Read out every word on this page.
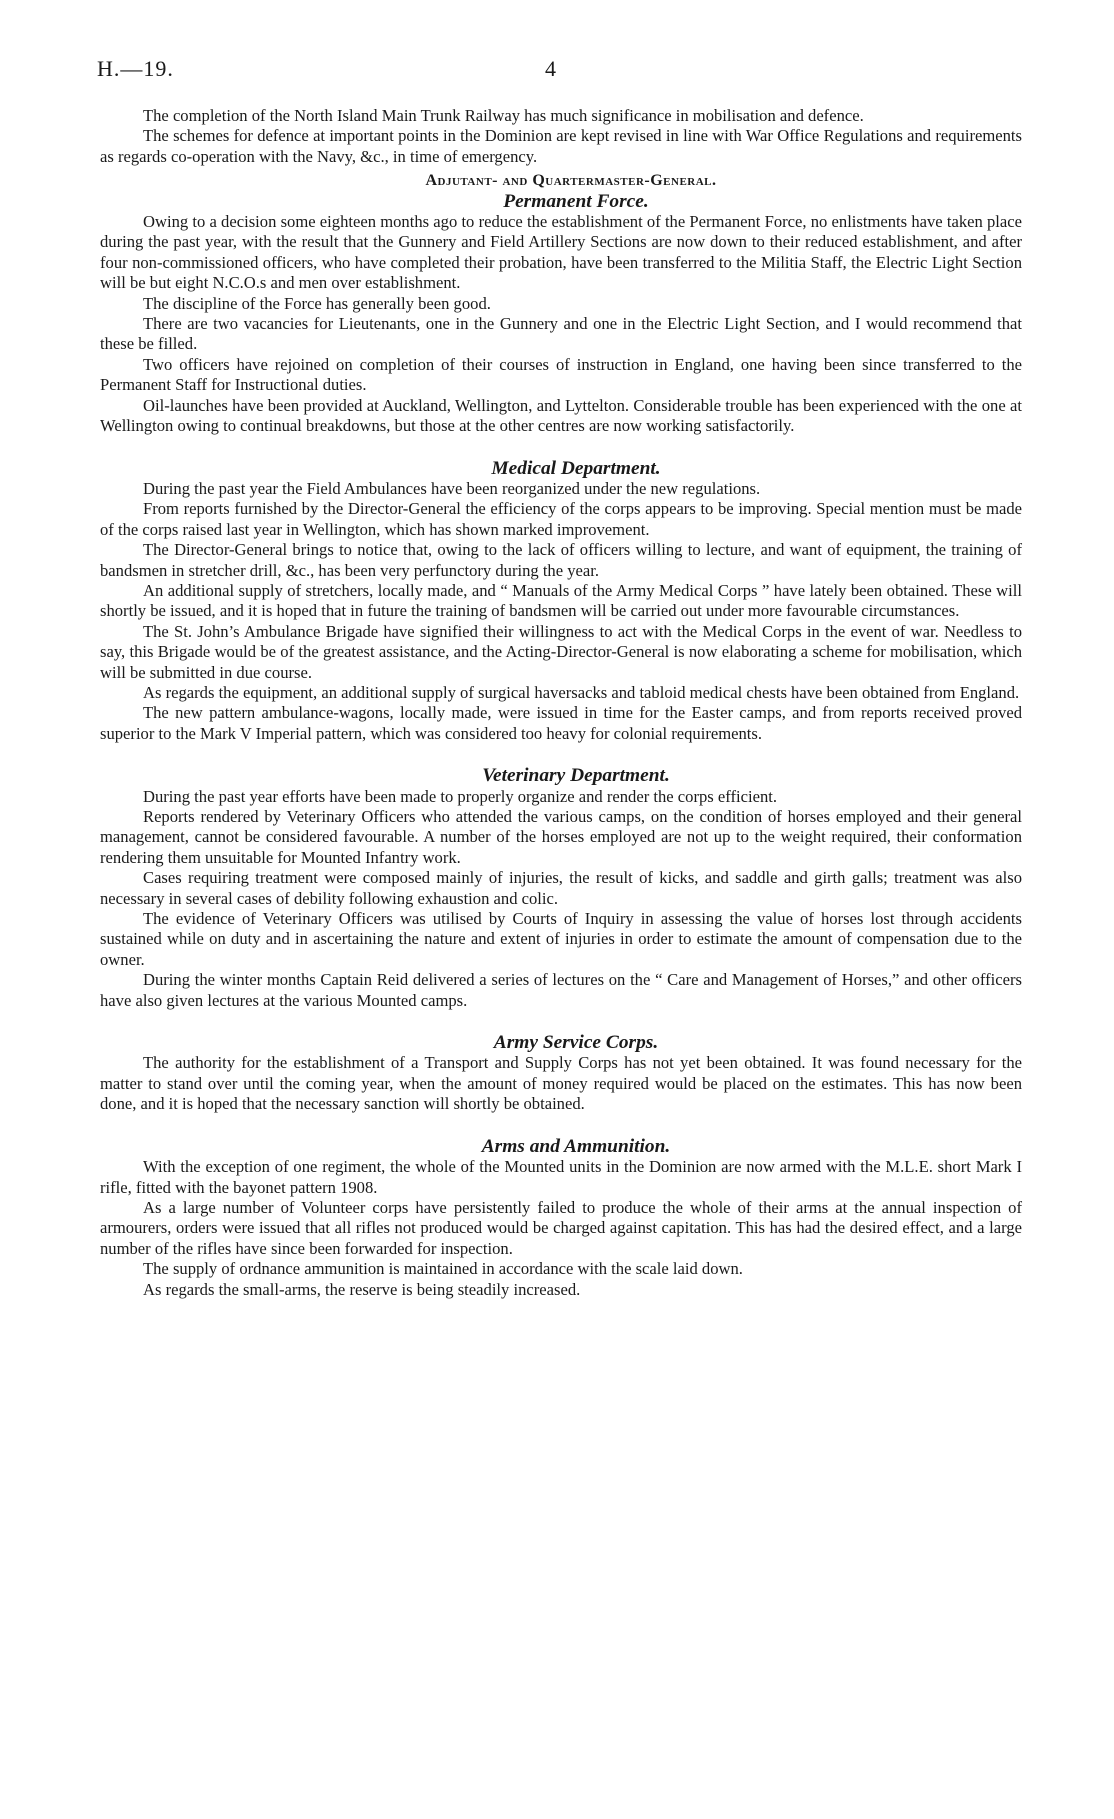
H.—19.	4

The completion of the North Island Main Trunk Railway has much significance in mobilisation and defence.

The schemes for defence at important points in the Dominion are kept revised in line with War Office Regulations and requirements as regards co-operation with the Navy, &c., in time of emergency.

Adjutant- and Quartermaster-General.
Permanent Force.

Owing to a decision some eighteen months ago to reduce the establishment of the Permanent Force, no enlistments have taken place during the past year, with the result that the Gunnery and Field Artillery Sections are now down to their reduced establishment, and after four non-commissioned officers, who have completed their probation, have been transferred to the Militia Staff, the Electric Light Section will be but eight N.C.O.s and men over establishment.

The discipline of the Force has generally been good.

There are two vacancies for Lieutenants, one in the Gunnery and one in the Electric Light Section, and I would recommend that these be filled.

Two officers have rejoined on completion of their courses of instruction in England, one having been since transferred to the Permanent Staff for Instructional duties.

Oil-launches have been provided at Auckland, Wellington, and Lyttelton. Considerable trouble has been experienced with the one at Wellington owing to continual breakdowns, but those at the other centres are now working satisfactorily.

Medical Department.

During the past year the Field Ambulances have been reorganized under the new regulations.

From reports furnished by the Director-General the efficiency of the corps appears to be improving. Special mention must be made of the corps raised last year in Wellington, which has shown marked improvement.

The Director-General brings to notice that, owing to the lack of officers willing to lecture, and want of equipment, the training of bandsmen in stretcher drill, &c., has been very perfunctory during the year.

An additional supply of stretchers, locally made, and “ Manuals of the Army Medical Corps ” have lately been obtained. These will shortly be issued, and it is hoped that in future the training of bandsmen will be carried out under more favourable circumstances.

The St. John’s Ambulance Brigade have signified their willingness to act with the Medical Corps in the event of war. Needless to say, this Brigade would be of the greatest assistance, and the Acting-Director-General is now elaborating a scheme for mobilisation, which will be submitted in due course.

As regards the equipment, an additional supply of surgical haversacks and tabloid medical chests have been obtained from England.

The new pattern ambulance-wagons, locally made, were issued in time for the Easter camps, and from reports received proved superior to the Mark V Imperial pattern, which was considered too heavy for colonial requirements.

Veterinary Department.

During the past year efforts have been made to properly organize and render the corps efficient.

Reports rendered by Veterinary Officers who attended the various camps, on the condition of horses employed and their general management, cannot be considered favourable. A number of the horses employed are not up to the weight required, their conformation rendering them unsuitable for Mounted Infantry work.

Cases requiring treatment were composed mainly of injuries, the result of kicks, and saddle and girth galls; treatment was also necessary in several cases of debility following exhaustion and colic.

The evidence of Veterinary Officers was utilised by Courts of Inquiry in assessing the value of horses lost through accidents sustained while on duty and in ascertaining the nature and extent of injuries in order to estimate the amount of compensation due to the owner.

During the winter months Captain Reid delivered a series of lectures on the “ Care and Management of Horses,” and other officers have also given lectures at the various Mounted camps.

Army Service Corps.

The authority for the establishment of a Transport and Supply Corps has not yet been obtained. It was found necessary for the matter to stand over until the coming year, when the amount of money required would be placed on the estimates. This has now been done, and it is hoped that the necessary sanction will shortly be obtained.

Arms and Ammunition.

With the exception of one regiment, the whole of the Mounted units in the Dominion are now armed with the M.L.E. short Mark I rifle, fitted with the bayonet pattern 1908.

As a large number of Volunteer corps have persistently failed to produce the whole of their arms at the annual inspection of armourers, orders were issued that all rifles not produced would be charged against capitation. This has had the desired effect, and a large number of the rifles have since been forwarded for inspection.

The supply of ordnance ammunition is maintained in accordance with the scale laid down.

As regards the small-arms, the reserve is being steadily increased.
